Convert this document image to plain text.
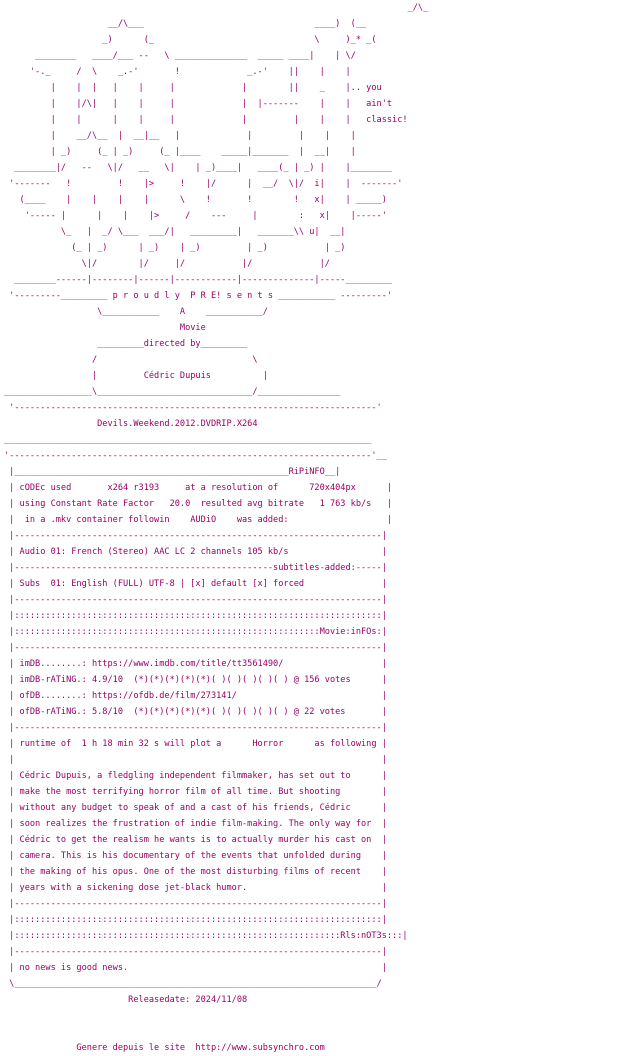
_/\_
__/\___                                 ____)  (__
_)      (_                               \     )_* _(
________   ____/___ --   \ ______________  _____ ____|    | \/
'-._     /  \    _.-'       !             _.-'    ||    |    |
|    |  |   |    |     |             |        ||    _    |.. you
|    |/\|   |    |     |             |  |-------    |    |   ain't
|    |      |    |     |             |         |    |    |   classic!
|    __/\__  |  __|__   |             |         |    |    |
| _)     (_ | _)     (_ |____    _____|_______  |  __|    |
________|/   --   \|/   __   \|    | _)____|   ____(_ | _) |    |________
'-------   !         !    |>     !    |/      |  __/  \|/  i|    |  -------'
(____    |    |    |    |      \    !       !        !   x|    | _____)
'----- |      |    |    |>     /    ---     |        :   x|    |-----'
\_   |  _/ \___  ___/|   _________|   _______\\ u|  __|
(_ | _)      | _)    | _)         | _)           | _)
\|/        |/     |/           |/             |/
________------|--------|------|------------|--------------|-----_________
'---------_________ p r o u d l y  P R E! s e n t s ___________ ---------'
\___________    A    ___________/
Movie
_________directed by_________
/                              \
|         Cédric Dupuis          |
_________________\______________________________/________________
'----------------------------------------------------------------------'
Devils.Weekend.2012.DVDRIP.X264
_______________________________________________________________________
'----------------------------------------------------------------------'__
|_____________________________________________________RiPiNFO__|
| cODEc used       x264 r3193     at a resolution of      720x404px      |
| using Constant Rate Factor   20.0  resulted avg bitrate   1 763 kb/s   |
|  in a .mkv container followin    AUDiO    was added:                   |
|-----------------------------------------------------------------------|
| Audio 01: French (Stereo) AAC LC 2 channels 105 kb/s                  |
|--------------------------------------------------subtitles-added:-----|
| Subs  01: English (FULL) UTF-8 | [x] default [x] forced               |
|-----------------------------------------------------------------------|
|:::::::::::::::::::::::::::::::::::::::::::::::::::::::::::::::::::::::|
|:::::::::::::::::::::::::::::::::::::::::::::::::::::::::::Movie:inFOs:|
|-----------------------------------------------------------------------|
| imDB........: https://www.imdb.com/title/tt3561490/                   |
| imDB-rATiNG.: 4.9/10  (*)(*)(*)(*)(*)( )( )( )( )( ) @ 156 votes      |
| ofDB........: https://ofdb.de/film/273141/                            |
| ofDB-rATiNG.: 5.8/10  (*)(*)(*)(*)(*)( )( )( )( )( ) @ 22 votes       |
|-----------------------------------------------------------------------|
| runtime of  1 h 18 min 32 s will plot a      Horror      as following |
|                                                                       |
| Cédric Dupuis, a fledgling independent filmmaker, has set out to      |
| make the most terrifying horror film of all time. But shooting        |
| without any budget to speak of and a cast of his friends, Cédric      |
| soon realizes the frustration of indie film-making. The only way for  |
| Cédric to get the realism he wants is to actually murder his cast on  |
| camera. This is his documentary of the events that unfolded during    |
| the making of his opus. One of the most disturbing films of recent    |
| years with a sickening dose jet-black humor.                          |
|-----------------------------------------------------------------------|
|:::::::::::::::::::::::::::::::::::::::::::::::::::::::::::::::::::::::|
|:::::::::::::::::::::::::::::::::::::::::::::::::::::::::::::::Rls:nOT3s:::|
|-----------------------------------------------------------------------|
| no news is good news.                                                 |
\______________________________________________________________________/
Releasedate: 2024/11/08
Genere depuis le site  http://www.subsynchro.com
